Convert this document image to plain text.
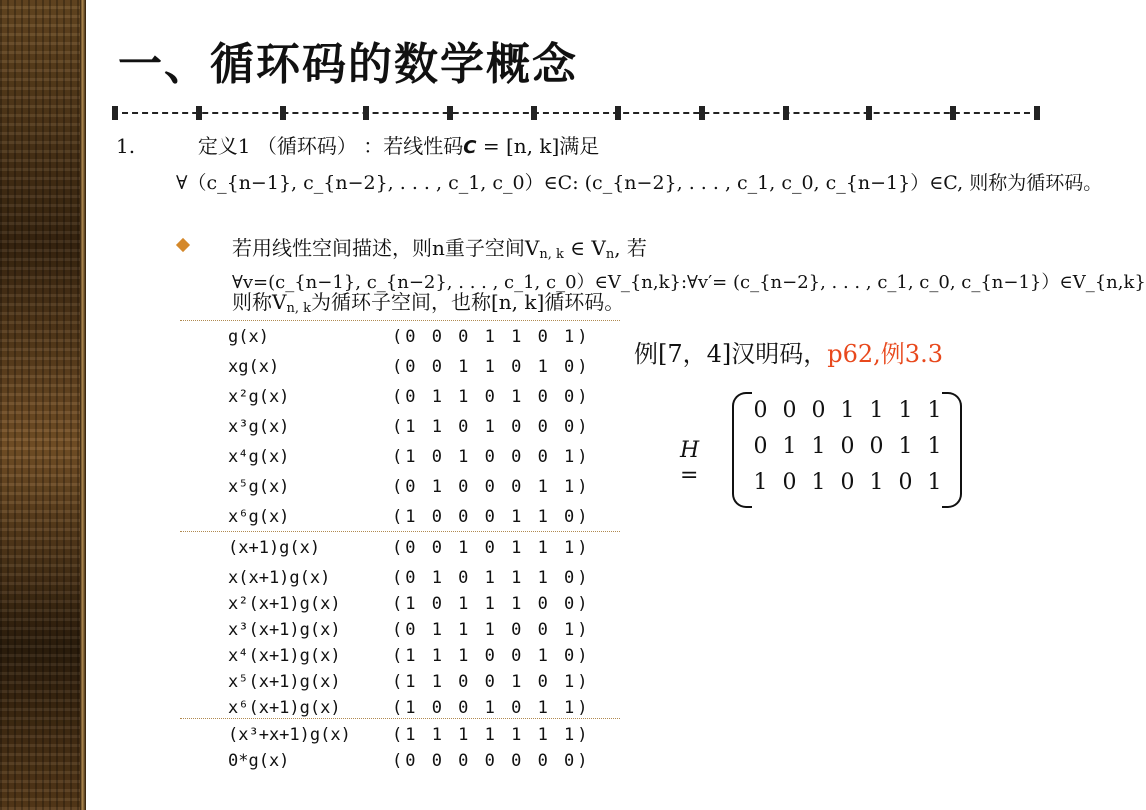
一、循环码的数学概念
1.	定义1 （循环码） ：若线性码C = [n, k]满足
∀（c_{n−1}, c_{n−2}, . . . , c_1, c_0）∈C: (c_{n−2}, . . . , c_1, c_0, c_{n−1}）∈C, 则称为循环码。
若用线性空间描述，则n重子空间$V_{n, k}$ ∈ $V_n$, 若
∀v=(c_{n−1}, c_{n−2}, . . . , c_1, c_0）∈V_{n,k}:∀v′= (c_{n−2}, . . . , c_1, c_0, c_{n−1}）∈V_{n,k}
则称$V_{n, k}$为循环子空间，也称[n, k]循环码。
g(x)	(0 0 0 1 1 0 1)
xg(x)	(0 0 1 1 0 1 0)
x²g(x)	(0 1 1 0 1 0 0)
x³g(x)	(1 1 0 1 0 0 0)
x⁴g(x)	(1 0 1 0 0 0 1)
x⁵g(x)	(0 1 0 0 0 1 1)
x⁶g(x)	(1 0 0 0 1 1 0)
(x+1)g(x)	(0 0 1 0 1 1 1)
x(x+1)g(x)	(0 1 0 1 1 1 0)
x²(x+1)g(x)	(1 0 1 1 1 0 0)
x³(x+1)g(x)	(0 1 1 1 0 0 1)
x⁴(x+1)g(x)	(1 1 1 0 0 1 0)
x⁵(x+1)g(x)	(1 1 0 0 1 0 1)
x⁶(x+1)g(x)	(1 0 0 1 0 1 1)
(x³+x+1)g(x) (1 1 1 1 1 1 1)
0*g(x)	(0 0 0 0 0 0 0)
例[7，4]汉明码，p62,例3.3
H =
0 0 0 1 1 1 1
0 1 1 0 0 1 1
1 0 1 0 1 0 1
